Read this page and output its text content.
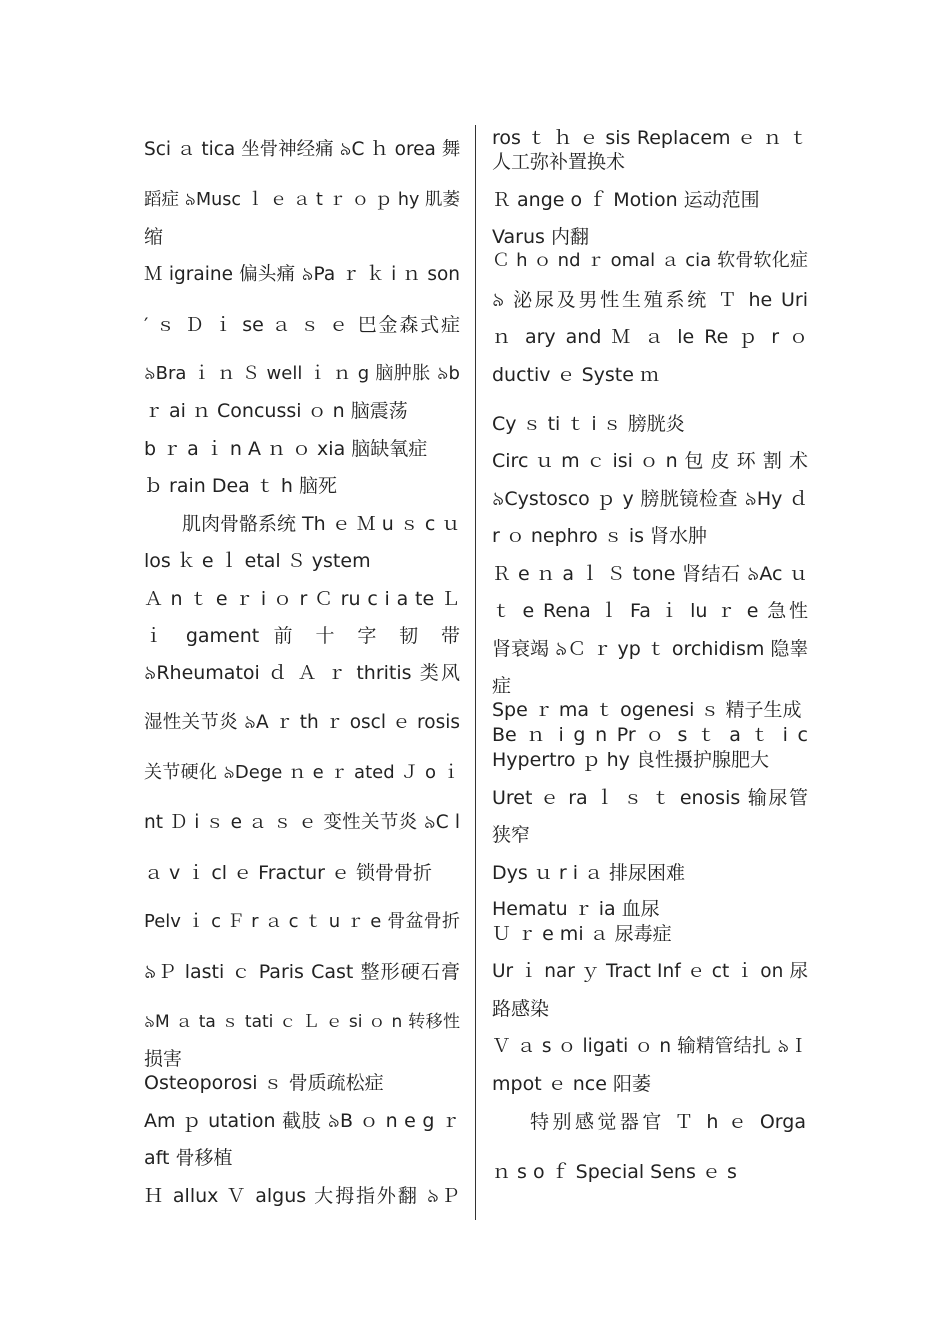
Sci ａ tica 坐骨神经痛 ৯C ｈ orea 舞
蹈症 ৯Musc ｌ ｅ ａ t ｒ ｏ ｐ hy 肌萎
缩
Ｍ igraine 偏头痛 ৯Pa ｒ ｋ i ｎ son
′ ｓ Ｄ ｉ se ａ ｓ ｅ 巴金森式症
৯Bra ｉ ｎ Ｓ well ｉ ｎ g 脑肿胀 ৯b
ｒ ai ｎ Concussi ｏ n 脑震荡
b ｒ a ｉ n A ｎ ｏ xia 脑缺氧症
ｂ rain Dea ｔ h 脑死
肌肉骨骼系统 Th ｅ Ｍ u ｓ c ｕ
los ｋ e ｌ etal Ｓ ystem
Ａ n ｔ e ｒ i ｏ r Ｃ ru c i a te Ｌ
ｉ gament 前 十 字 韧 带
৯Rheumatoi ｄ Ａ ｒ thritis 类风
湿性关节炎 ৯A ｒ th ｒ oscl ｅ rosis
关节硬化 ৯Dege ｎ e ｒ ated Ｊ o ｉ
nt Ｄ i ｓ e ａ ｓ ｅ 变性关节炎 ৯C l
ａ v ｉ cl ｅ Fractur ｅ 锁骨骨折
Pelv ｉ c Ｆ r ａ c ｔ u ｒ e 骨盆骨折
৯Ｐ lasti ｃ Paris Cast 整形硬石膏
৯M ａ ta ｓ tati ｃ Ｌ ｅ si ｏ n 转移性
损害
Osteoporosi ｓ 骨质疏松症
Am ｐ utation 截肢 ৯B ｏ n e g ｒ
aft 骨移植
Ｈ allux Ｖ algus 大拇指外翻 ৯Ｐ
ros ｔ ｈ ｅ sis Replacem ｅ ｎ ｔ
人工弥补置换术
Ｒ ange o ｆ Motion 运动范围
Varus 内翻
Ｃ h ｏ nd ｒ omal ａ cia 软骨软化症
৯ 泌尿及男性生殖系统 Ｔ he Uri
ｎ ary and Ｍ ａ le Re ｐ r ｏ
ductiv ｅ Syste ｍ
Cy ｓ ti ｔ i ｓ 膀胱炎
Circ ｕ m ｃ isi ｏ n 包 皮 环 割 术
৯Cystosco ｐ y 膀胱镜检查 ৯Hy ｄ
r ｏ nephro ｓ is 肾水肿
Ｒ e ｎ a ｌ Ｓ tone 肾结石 ৯Ac ｕ
ｔ e Rena ｌ Fa ｉ lu ｒ e 急性
肾衰竭 ৯Ｃ ｒ yp ｔ orchidism 隐睾
症
Spe ｒ ma ｔ ogenesi ｓ 精子生成
Be ｎ i g n Pr ｏ s ｔ a ｔ i c
Hypertro ｐ hy 良性摄护腺肥大
Uret ｅ ra ｌ ｓ ｔ enosis 输尿管
狭窄
Dys ｕ r i ａ 排尿困难
Hematu ｒ ia 血尿
Ｕ ｒ e mi ａ 尿毒症
Ur ｉ nar ｙ Tract Inf ｅ ct ｉ on 尿
路感染
Ｖ ａ s ｏ ligati ｏ n 输精管结扎 ৯Ｉ
mpot ｅ nce 阳萎
特别感觉器官 Ｔ h ｅ Orga
ｎ s o ｆ Special Sens ｅ s
